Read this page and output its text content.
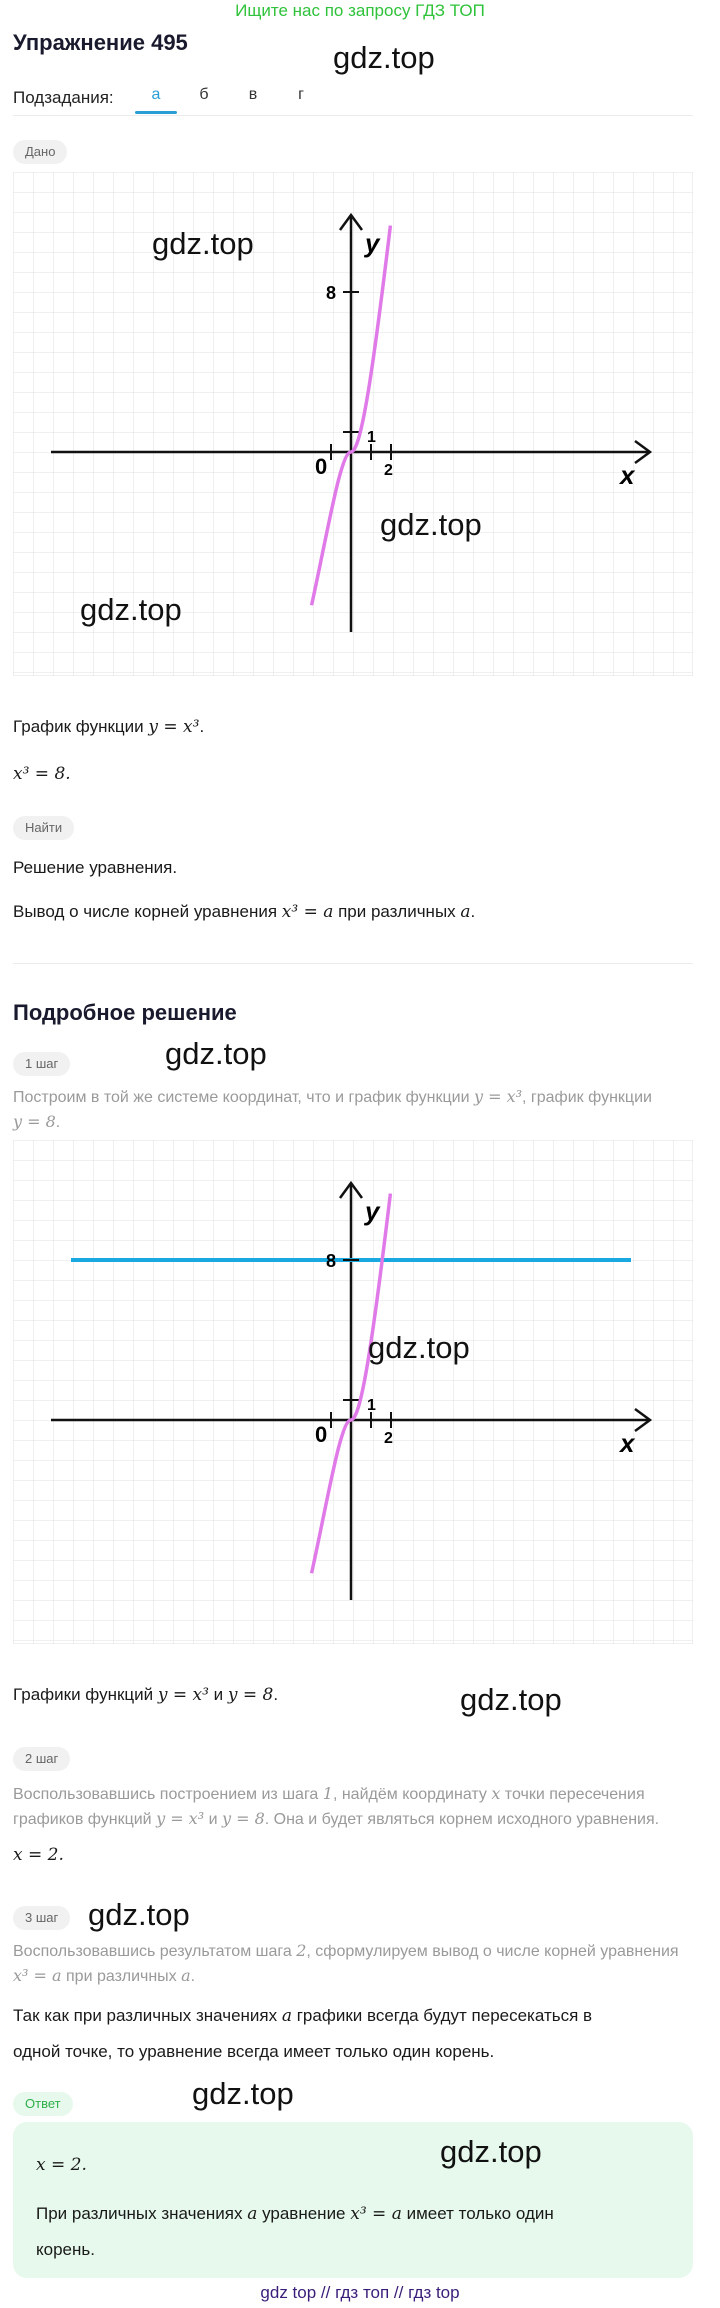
Ищите нас по запросу ГДЗ ТОП
Упражнение 495	gdz.top
Подзадания:	а	б	в	г
Дано
0	2
1
8
x
y
gdz.top
gdz.top
gdz.top
График функции y = x³.
x³ = 8.
Найти
Решение уравнения.
Вывод о числе корней уравнения x³ = a при различных a.
Подробное решение
1 шаг	gdz.top
Построим в той же системе координат, что и график функции y = x³, график функции
y = 8.
0	2
1
8
x
y
gdz.top
Графики функций y = x³ и y = 8.	gdz.top
2 шаг
Воспользовавшись построением из шага 1, найдём координату x точки пересечения
графиков функций y = x³ и y = 8. Она и будет являться корнем исходного уравнения.
x = 2.
3 шаг gdz.top
Воспользовавшись результатом шага 2, сформулируем вывод о числе корней уравнения
x³ = a при различных a.
Так как при различных значениях a графики всегда будут пересекаться в
одной точке, то уравнение всегда имеет только один корень.
Ответ	gdz.top
x = 2.	gdz.top
При различных значениях a уравнение x³ = a имеет только один
корень.
gdz top // гдз топ // гдз top
